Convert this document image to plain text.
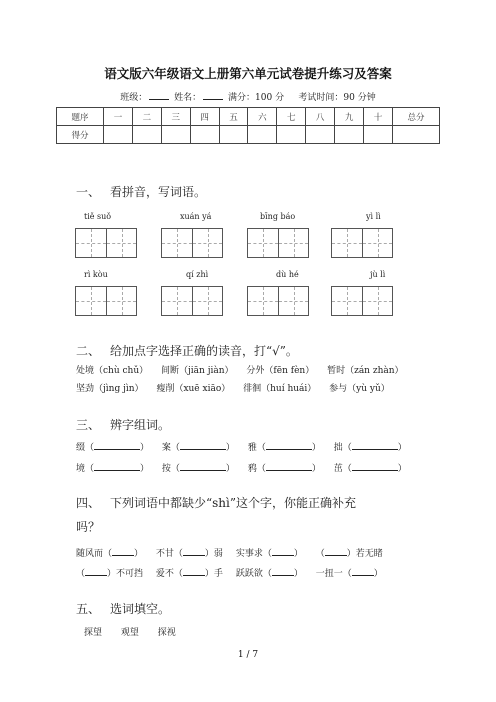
语文版六年级语文上册第六单元试卷提升练习及答案
班级：	姓名：	满分：100 分 考试时间：90 分钟
题序	一	二	三	四	五	六	七	八	九	十	总分
得分											
一、 看拼音，写词语。
tiě suǒ	xuán yá	bīng báo	yì lì
rì kòu	qí zhì	dù hé	jù lì
二、 给加点字选择正确的读音，打“√”。
处境（chù chǔ） 间断（jiān jiàn） 分外（fēn fèn） 暂时（zán zhàn）
坚劲（jìng jìn） 瘦削（xuē xiāo） 徘徊（huí huái） 参与（yù yǔ）
三、 辨字组词。
缀（	） 案（	） 雅（	） 拙（	）
境（	） 按（	） 鸦（	） 茁（	）
四、 下列词语中都缺少“shì”这个字，你能正确补充
吗？
随风而（ ） 不甘（ ）弱 实事求（ ） （ ）若无睹
（ ）不可挡 爱不（ ）手 跃跃欲（ ） 一扭一（ ）
五、 选词填空。
探望 观望 探视
1 / 7
